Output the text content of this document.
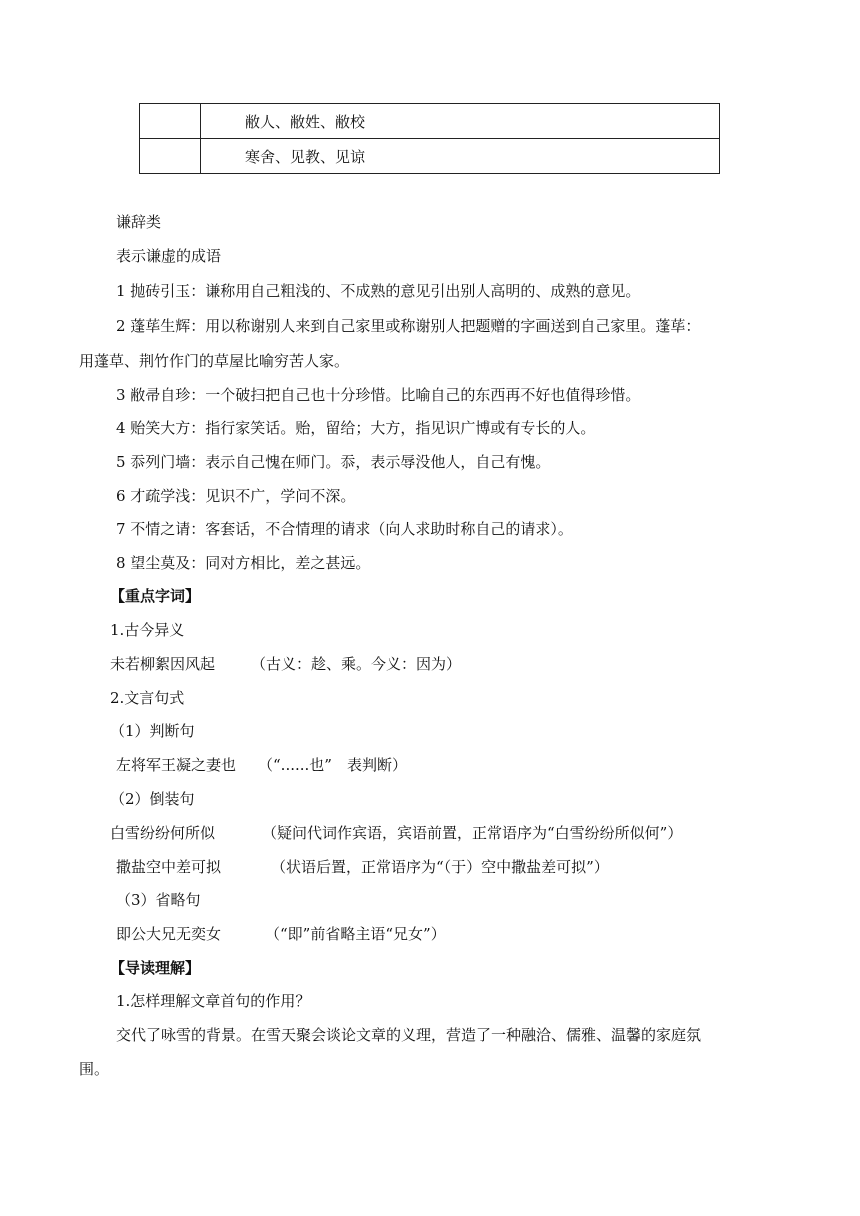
	敝人、敝姓、敝校
	寒舍、见教、见谅
谦辞类
表示谦虚的成语
1 抛砖引玉：谦称用自己粗浅的、不成熟的意见引出别人高明的、成熟的意见。
2 蓬荜生辉：用以称谢别人来到自己家里或称谢别人把题赠的字画送到自己家里。蓬荜：
用蓬草、荆竹作门的草屋比喻穷苦人家。
3 敝帚自珍：一个破扫把自己也十分珍惜。比喻自己的东西再不好也值得珍惜。
4 贻笑大方：指行家笑话。贻，留给；大方，指见识广博或有专长的人。
5 忝列门墙：表示自己愧在师门。忝，表示辱没他人，自己有愧。
6 才疏学浅：见识不广，学问不深。
7 不情之请：客套话，不合情理的请求（向人求助时称自己的请求）。
8 望尘莫及：同对方相比，差之甚远。
【重点字词】
1.古今异义
未若柳絮因风起 （古义：趁、乘。今义：因为）
2.文言句式
（1）判断句
左将军王凝之妻也 （“......也”　表判断）
（2）倒装句
白雪纷纷何所似	（疑问代词作宾语，宾语前置，正常语序为“白雪纷纷所似何”）
撒盐空中差可拟	（状语后置，正常语序为“（于）空中撒盐差可拟”）
（3）省略句
即公大兄无奕女	（“即”前省略主语“兄女”）
【导读理解】
1.怎样理解文章首句的作用？
交代了咏雪的背景。在雪天聚会谈论文章的义理，营造了一种融洽、儒雅、温馨的家庭氛
围。
